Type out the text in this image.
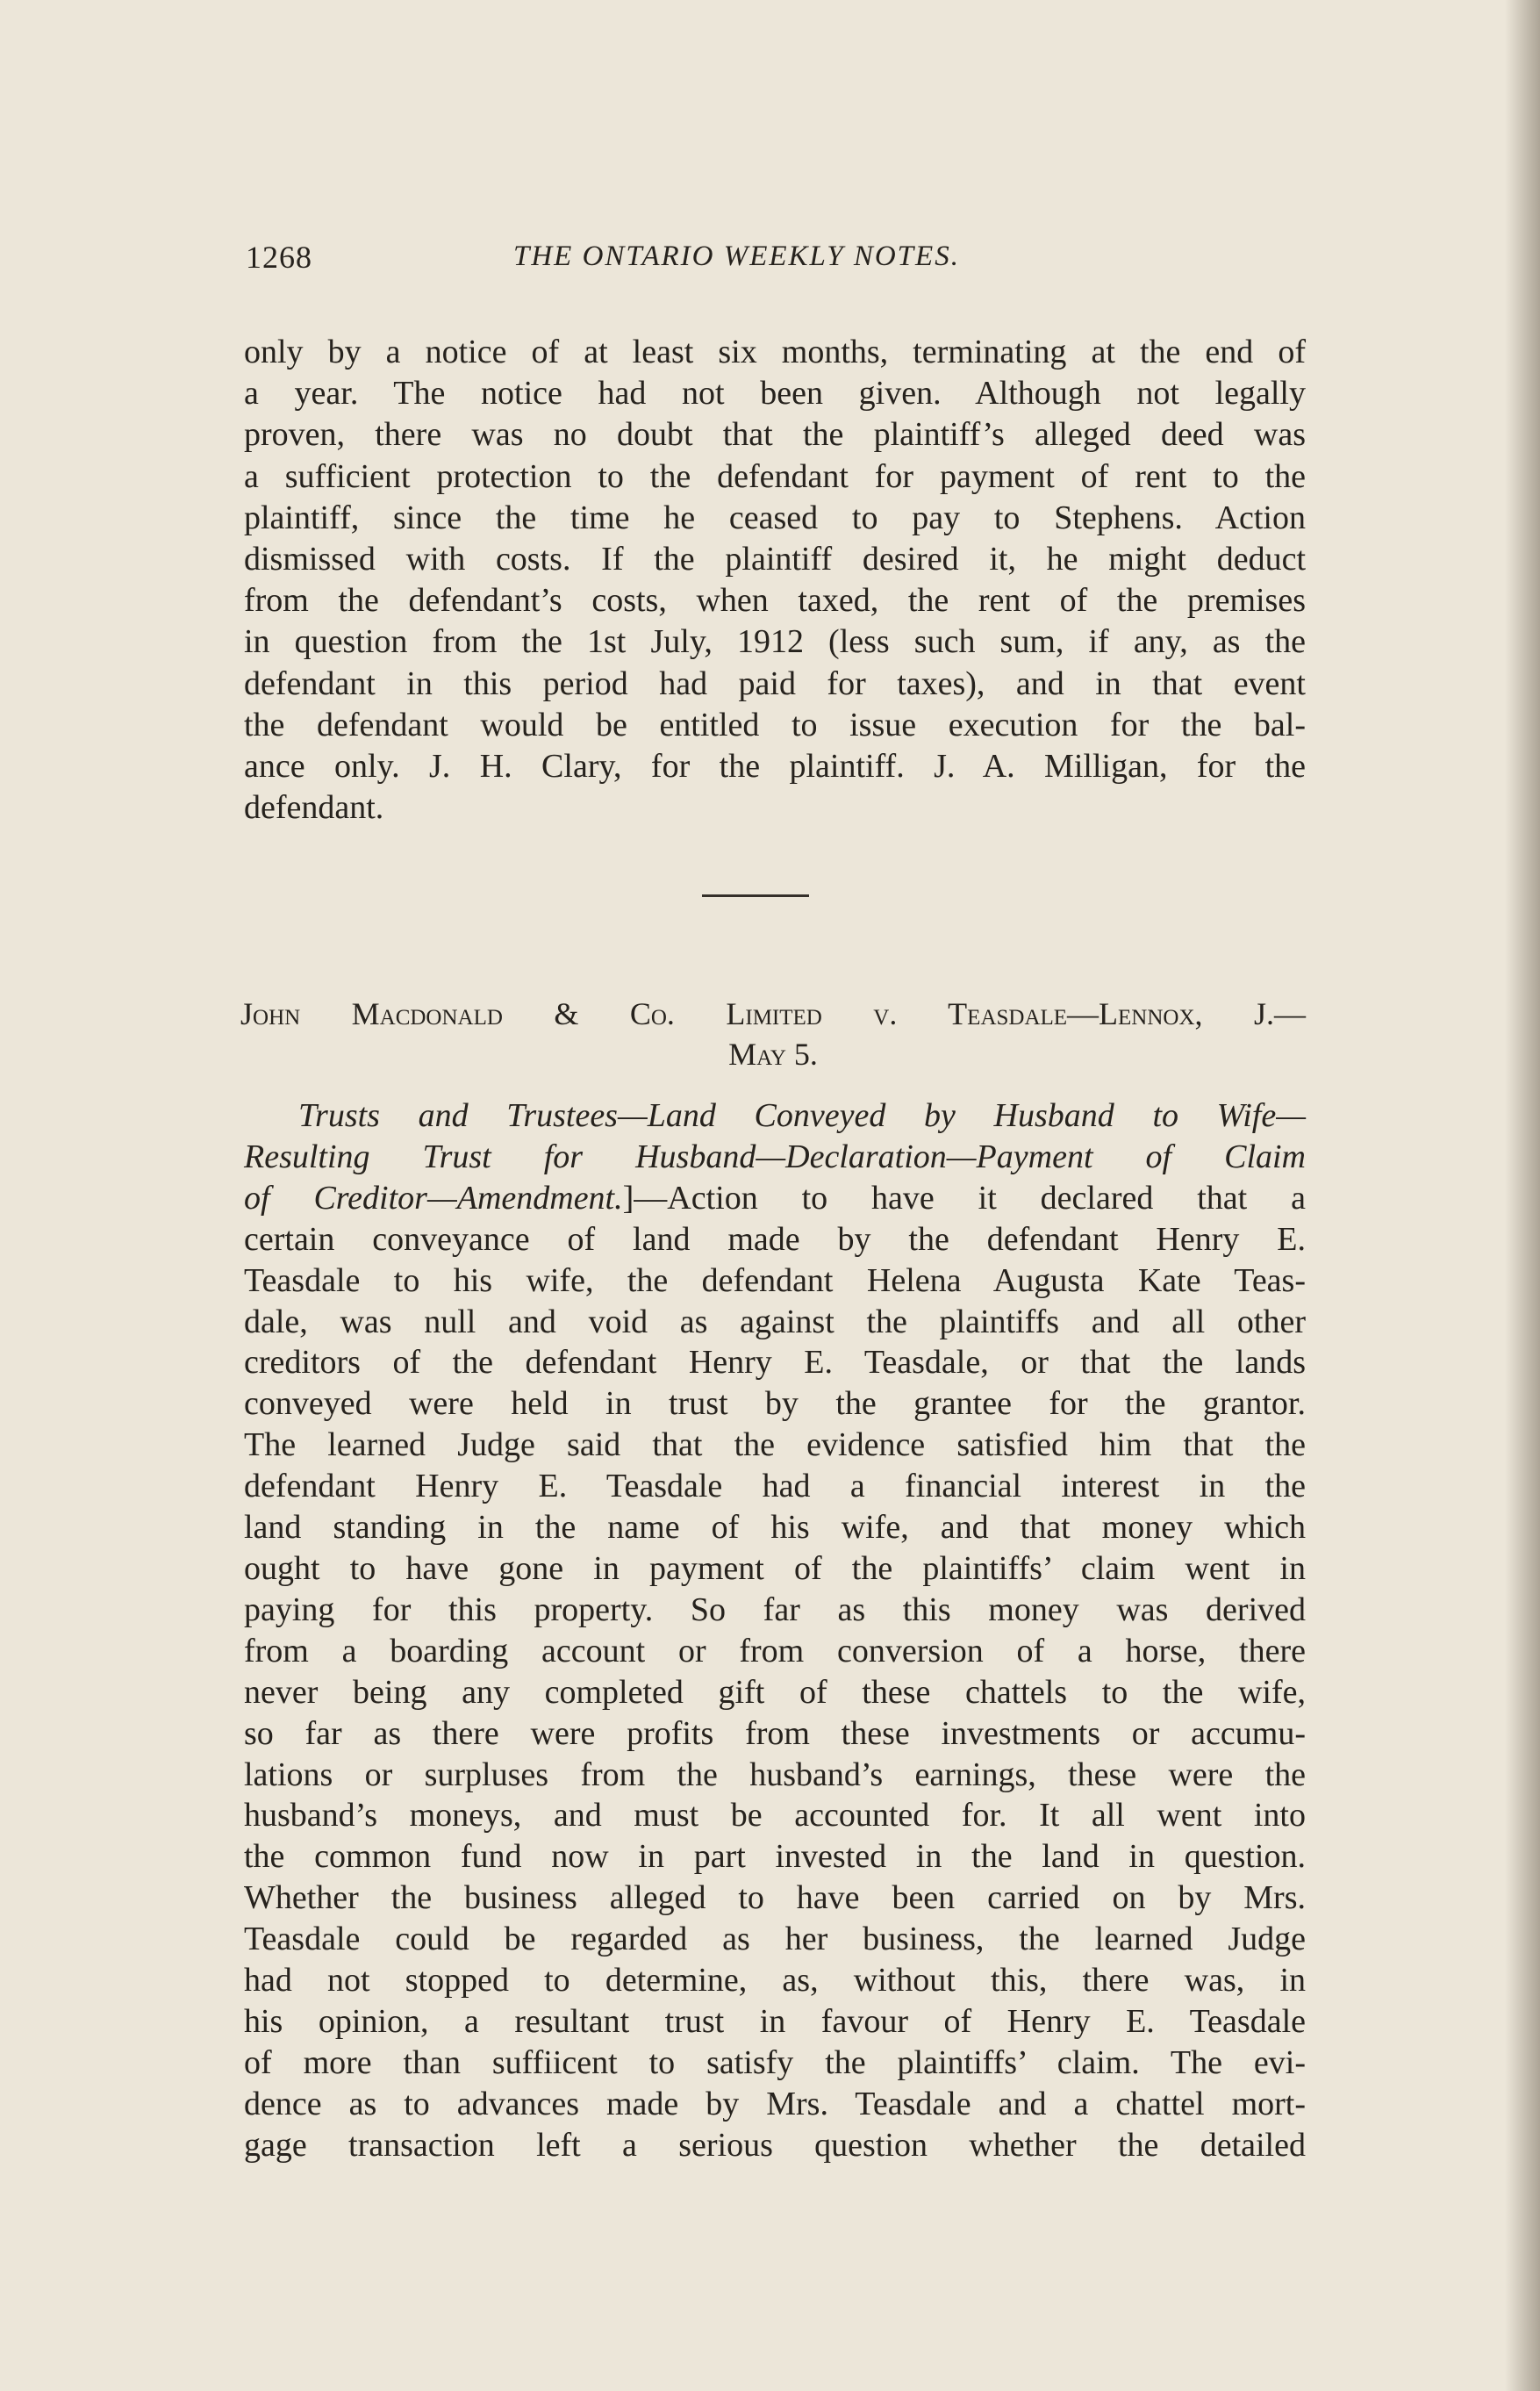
1268	THE ONTARIO WEEKLY NOTES.
only by a notice of at least six months, terminating at the end of
a year. The notice had not been given. Although not legally
proven, there was no doubt that the plaintiff’s alleged deed was
a sufficient protection to the defendant for payment of rent to the
plaintiff, since the time he ceased to pay to Stephens. Action
dismissed with costs. If the plaintiff desired it, he might deduct
from the defendant’s costs, when taxed, the rent of the premises
in question from the 1st July, 1912 (less such sum, if any, as the
defendant in this period had paid for taxes), and in that event
the defendant would be entitled to issue execution for the bal-
ance only. J. H. Clary, for the plaintiff. J. A. Milligan, for the
defendant.
John Macdonald & Co. Limited v. Teasdale—Lennox, J.—
May 5.
Trusts and Trustees—Land Conveyed by Husband to Wife—
Resulting Trust for Husband—Declaration—Payment of Claim
of Creditor—Amendment.]—Action to have it declared that a
certain conveyance of land made by the defendant Henry E.
Teasdale to his wife, the defendant Helena Augusta Kate Teas-
dale, was null and void as against the plaintiffs and all other
creditors of the defendant Henry E. Teasdale, or that the lands
conveyed were held in trust by the grantee for the grantor.
The learned Judge said that the evidence satisfied him that the
defendant Henry E. Teasdale had a financial interest in the
land standing in the name of his wife, and that money which
ought to have gone in payment of the plaintiffs’ claim went in
paying for this property. So far as this money was derived
from a boarding account or from conversion of a horse, there
never being any completed gift of these chattels to the wife,
so far as there were profits from these investments or accumu-
lations or surpluses from the husband’s earnings, these were the
husband’s moneys, and must be accounted for. It all went into
the common fund now in part invested in the land in question.
Whether the business alleged to have been carried on by Mrs.
Teasdale could be regarded as her business, the learned Judge
had not stopped to determine, as, without this, there was, in
his opinion, a resultant trust in favour of Henry E. Teasdale
of more than suffiicent to satisfy the plaintiffs’ claim. The evi-
dence as to advances made by Mrs. Teasdale and a chattel mort-
gage transaction left a serious question whether the detailed
